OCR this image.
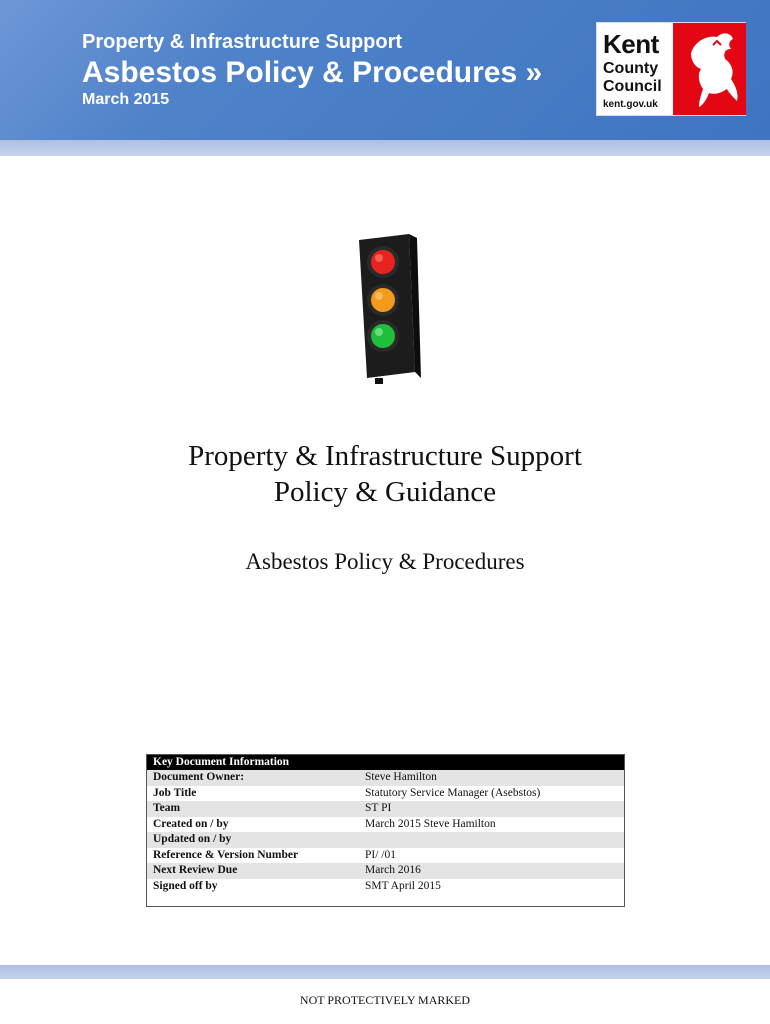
Property & Infrastructure Support
Asbestos Policy & Procedures »
March 2015
Kent
County
Council
kent.gov.uk
Property & Infrastructure Support
Policy & Guidance
Asbestos Policy & Procedures
Key Document Information
Document Owner:	Steve Hamilton
Job Title	Statutory Service Manager (Asebstos)
Team	ST PI
Created on / by	March 2015 Steve Hamilton
Updated on / by
Reference & Version Number	PI/ /01
Next Review Due	March 2016
Signed off by	SMT April 2015
NOT PROTECTIVELY MARKED
